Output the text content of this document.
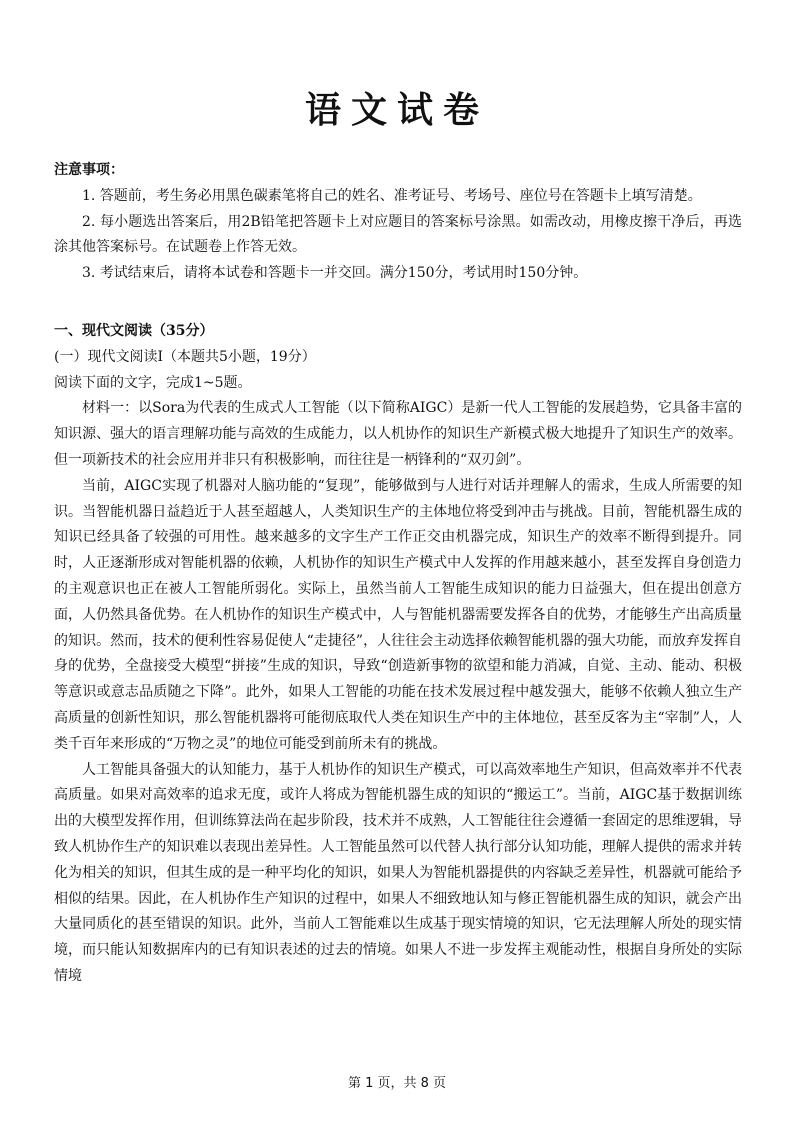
语文试卷

注意事项：

1. 答题前，考生务必用黑色碳素笔将自己的姓名、准考证号、考场号、座位号在答题卡上填写清楚。

2. 每小题选出答案后，用2B铅笔把答题卡上对应题目的答案标号涂黑。如需改动，用橡皮擦干净后，再选涂其他答案标号。在试题卷上作答无效。

3. 考试结束后，请将本试卷和答题卡一并交回。满分150分，考试用时150分钟。

一、现代文阅读（35分）

(一）现代文阅读Ⅰ（本题共5小题，19分）

阅读下面的文字，完成1~5题。

材料一：以Sora为代表的生成式人工智能（以下简称AIGC）是新一代人工智能的发展趋势，它具备丰富的知识源、强大的语言理解功能与高效的生成能力，以人机协作的知识生产新模式极大地提升了知识生产的效率。但一项新技术的社会应用并非只有积极影响，而往往是一柄锋利的“双刃剑”。

当前，AIGC实现了机器对人脑功能的“复现”，能够做到与人进行对话并理解人的需求，生成人所需要的知识。当智能机器日益趋近于人甚至超越人，人类知识生产的主体地位将受到冲击与挑战。目前，智能机器生成的知识已经具备了较强的可用性。越来越多的文字生产工作正交由机器完成，知识生产的效率不断得到提升。同时，人正逐渐形成对智能机器的依赖，人机协作的知识生产模式中人发挥的作用越来越小，甚至发挥自身创造力的主观意识也正在被人工智能所弱化。实际上，虽然当前人工智能生成知识的能力日益强大，但在提出创意方面，人仍然具备优势。在人机协作的知识生产模式中，人与智能机器需要发挥各自的优势，才能够生产出高质量的知识。然而，技术的便利性容易促使人“走捷径”，人往往会主动选择依赖智能机器的强大功能，而放弃发挥自身的优势，全盘接受大模型“拼接”生成的知识，导致“创造新事物的欲望和能力消减，自觉、主动、能动、积极等意识或意志品质随之下降”。此外，如果人工智能的功能在技术发展过程中越发强大，能够不依赖人独立生产高质量的创新性知识，那么智能机器将可能彻底取代人类在知识生产中的主体地位，甚至反客为主“宰制”人，人类千百年来形成的“万物之灵”的地位可能受到前所未有的挑战。

人工智能具备强大的认知能力，基于人机协作的知识生产模式，可以高效率地生产知识，但高效率并不代表高质量。如果对高效率的追求无度，或许人将成为智能机器生成的知识的“搬运工”。当前，AIGC基于数据训练出的大模型发挥作用，但训练算法尚在起步阶段，技术并不成熟，人工智能往往会遵循一套固定的思维逻辑，导致人机协作生产的知识难以表现出差异性。人工智能虽然可以代替人执行部分认知功能，理解人提供的需求并转化为相关的知识，但其生成的是一种平均化的知识，如果人为智能机器提供的内容缺乏差异性，机器就可能给予相似的结果。因此，在人机协作生产知识的过程中，如果人不细致地认知与修正智能机器生成的知识，就会产出大量同质化的甚至错误的知识。此外，当前人工智能难以生成基于现实情境的知识，它无法理解人所处的现实情境，而只能认知数据库内的已有知识表述的过去的情境。如果人不进一步发挥主观能动性，根据自身所处的实际情境

第 1 页，共 8 页
